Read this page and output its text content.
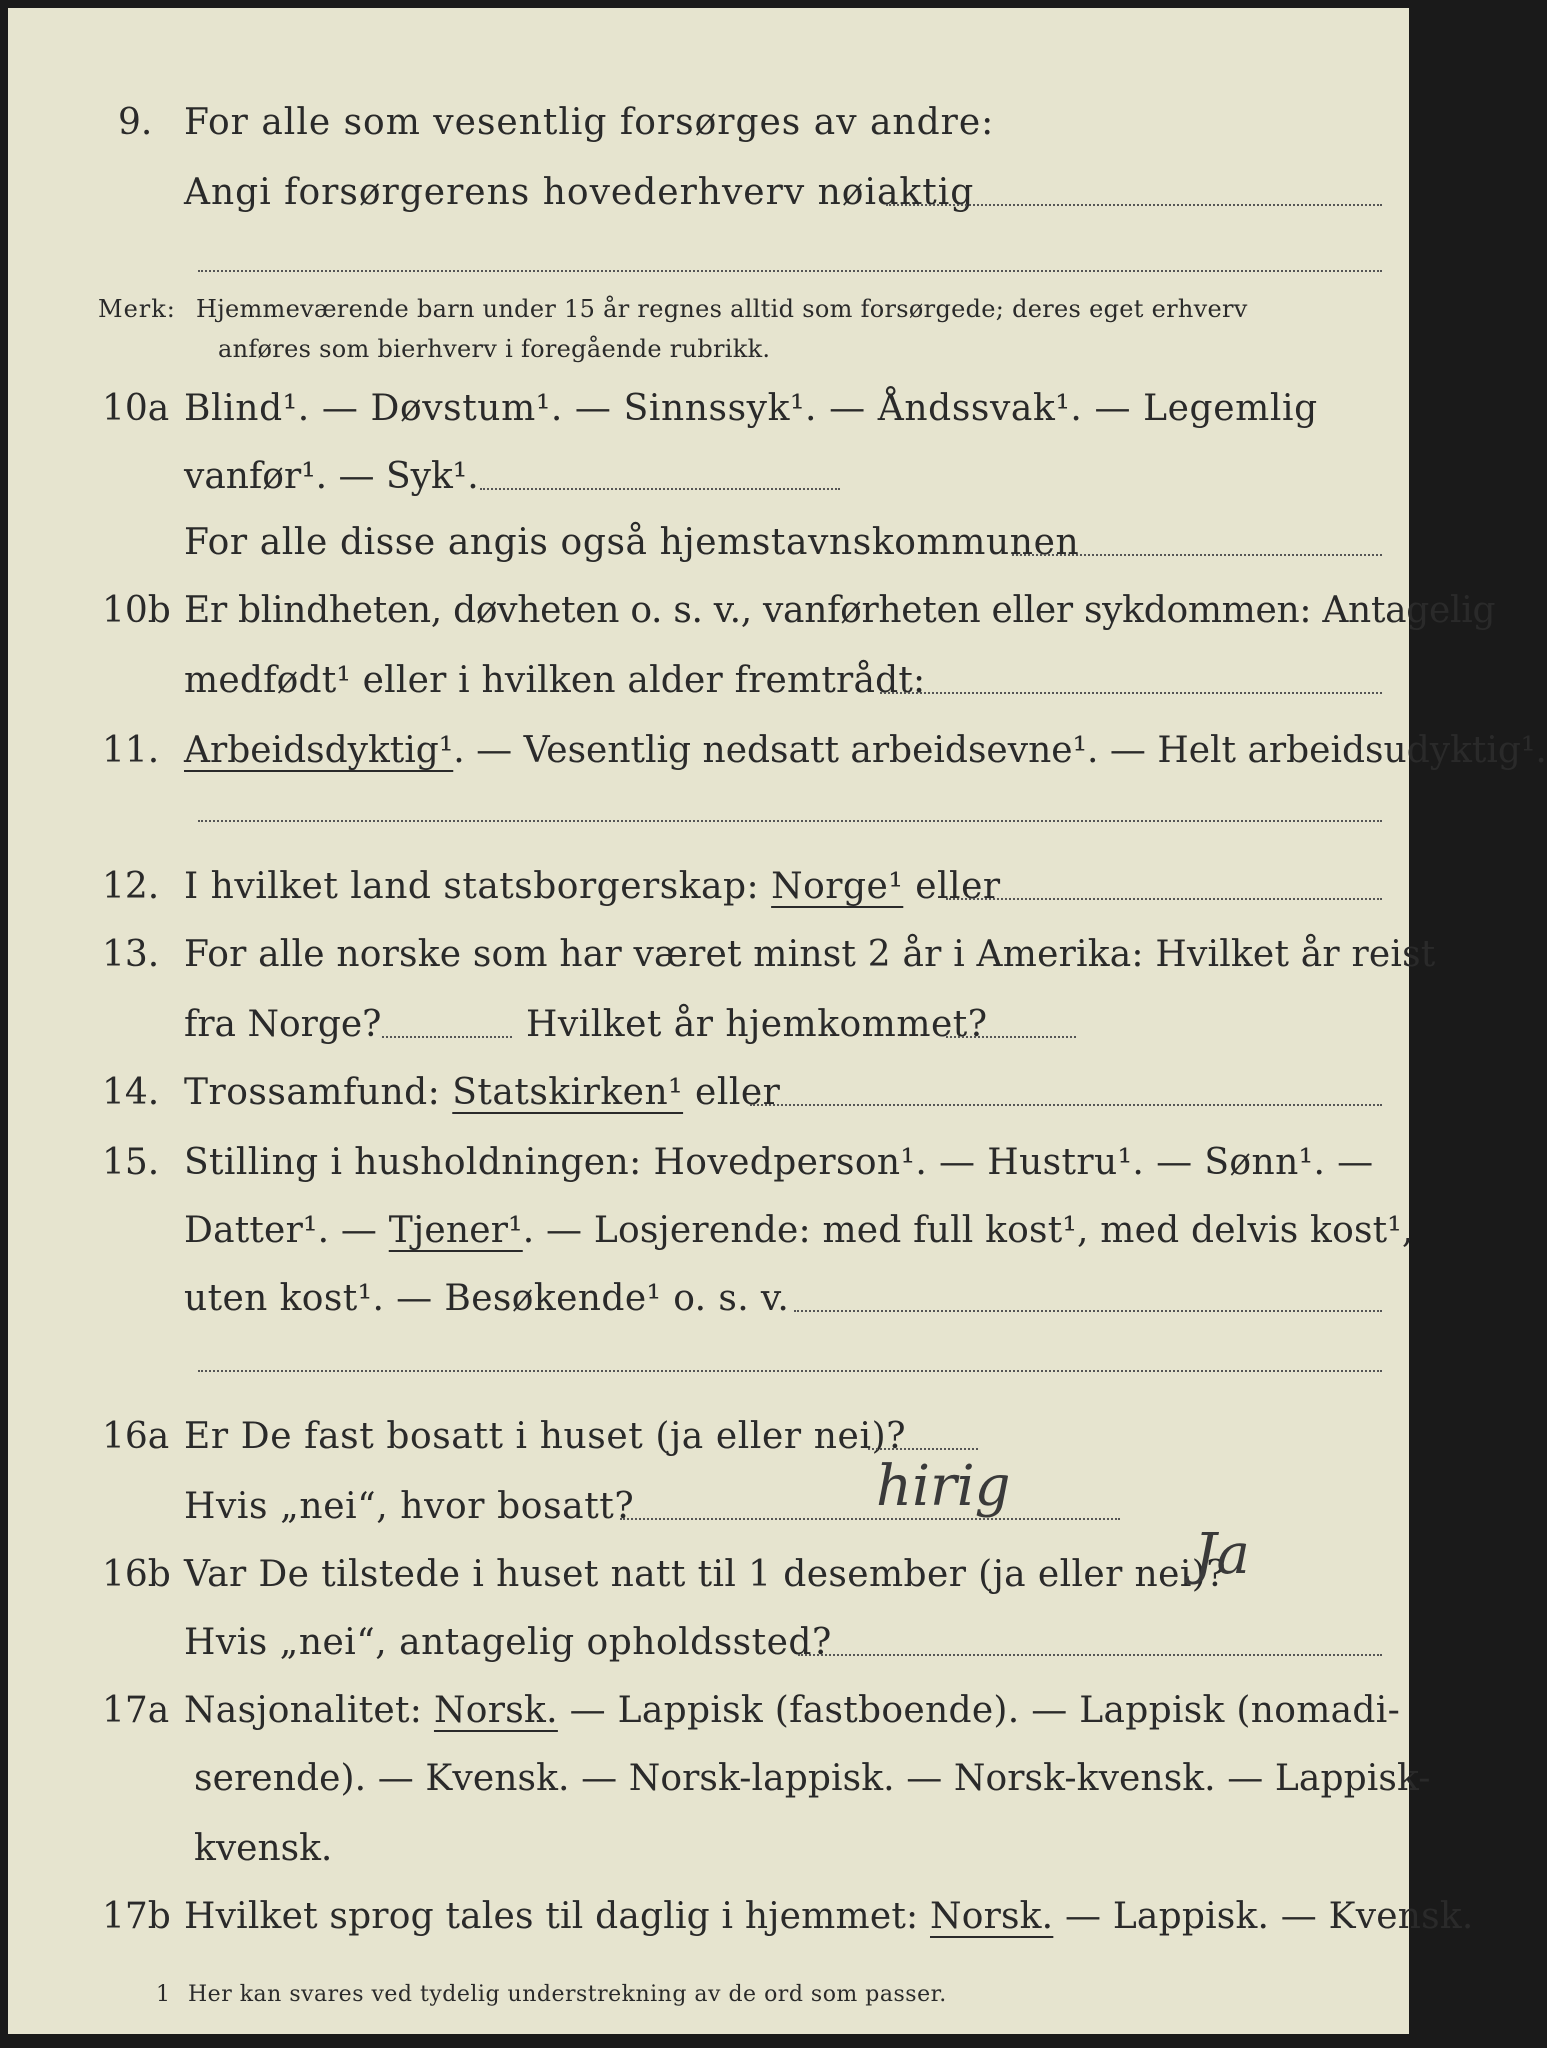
9. For alle som vesentlig forsørges av andre:
Angi forsørgerens hovederhverv nøiaktig
Merk: Hjemmeværende barn under 15 år regnes alltid som forsørgede; deres eget erhverv
anføres som bierhverv i foregående rubrikk.
10a Blind¹. — Døvstum¹. — Sinnssyk¹. — Åndssvak¹. — Legemlig
vanfør¹. — Syk¹.
For alle disse angis også hjemstavnskommunen
10b Er blindheten, døvheten o. s. v., vanførheten eller sykdommen: Antagelig
medfødt¹ eller i hvilken alder fremtrådt:
11. Arbeidsdyktig¹. — Vesentlig nedsatt arbeidsevne¹. — Helt arbeidsudyktig¹.
12. I hvilket land statsborgerskap: Norge¹ eller
13. For alle norske som har været minst 2 år i Amerika: Hvilket år reist
fra Norge?	Hvilket år hjemkommet?
14. Trossamfund: Statskirken¹ eller
15. Stilling i husholdningen: Hovedperson¹. — Hustru¹. — Sønn¹. —
Datter¹. — Tjener¹. — Losjerende: med full kost¹, med delvis kost¹,
uten kost¹. — Besøkende¹ o. s. v.
16a Er De fast bosatt i huset (ja eller nei)?
Hvis „nei“, hvor bosatt?	hirig
16b Var De tilstede i huset natt til 1 desember (ja eller nei)?
Ja
Hvis „nei“, antagelig opholdssted?
17a Nasjonalitet: Norsk. — Lappisk (fastboende). — Lappisk (nomadi-
serende). — Kvensk. — Norsk-lappisk. — Norsk-kvensk. — Lappisk-
kvensk.
17b Hvilket sprog tales til daglig i hjemmet: Norsk. — Lappisk. — Kvensk.
1 Her kan svares ved tydelig understrekning av de ord som passer.
